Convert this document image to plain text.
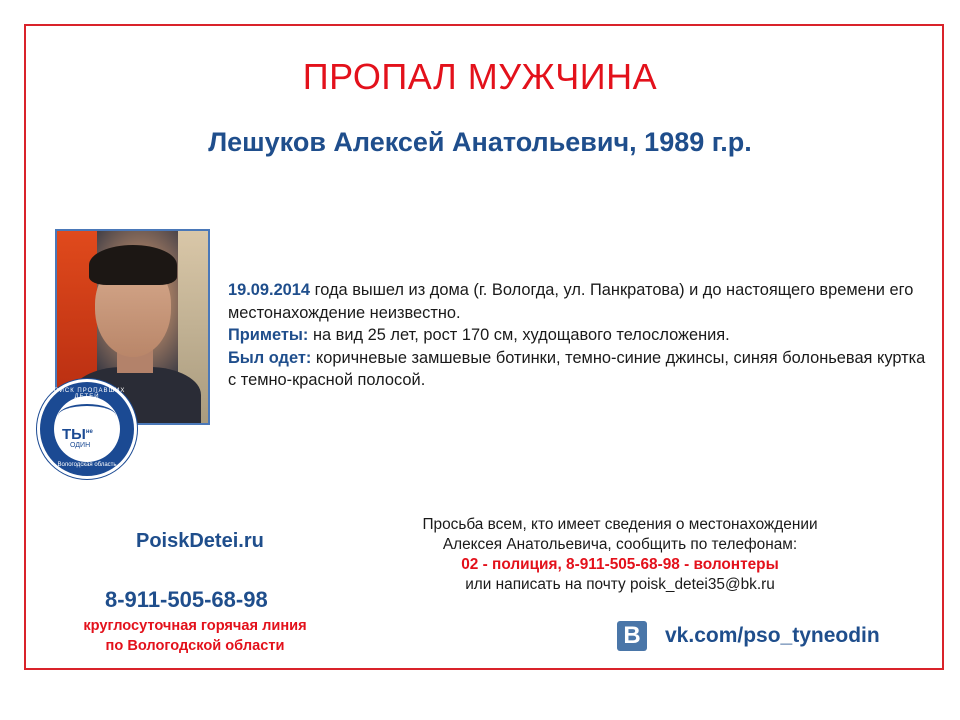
ПРОПАЛ МУЖЧИНА
Лешуков Алексей Анатольевич, 1989 г.р.
ПОИСК ПРОПАВШИХ ДЕТЕЙ
$ТЫ^{не}$
ОДИН
Вологодская область
19.09.2014 года вышел из дома (г. Вологда, ул. Панкратова) и до настоящего времени его местонахождение неизвестно.
Приметы: на вид 25 лет, рост 170 см, худощавого телосложения.
Был одет: коричневые замшевые ботинки, темно-синие джинсы, синяя болоньевая куртка с темно-красной полосой.
PoiskDetei.ru
8-911-505-68-98
круглосуточная горячая линия
по Вологодской области
Просьба всем, кто имеет сведения о местонахождении
Алексея Анатольевича, сообщить по телефонам:
02 - полиция, 8-911-505-68-98 - волонтеры
или написать на почту poisk_detei35@bk.ru
В	vk.com/pso_tyneodin
